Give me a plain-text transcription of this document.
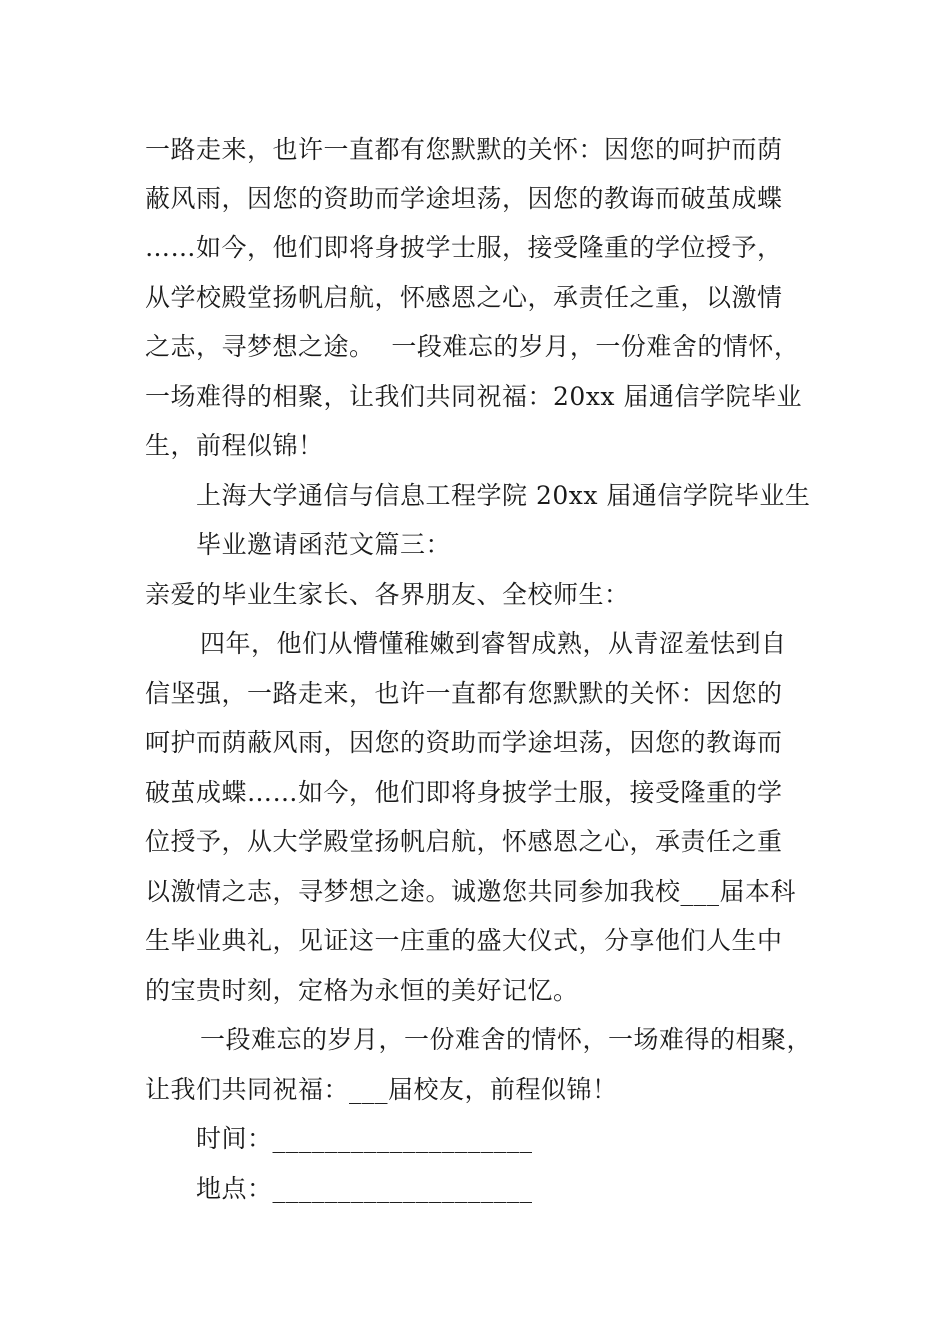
一路走来，也许一直都有您默默的关怀：因您的呵护而荫
蔽风雨，因您的资助而学途坦荡，因您的教诲而破茧成蝶
……如今，他们即将身披学士服，接受隆重的学位授予，
从学校殿堂扬帆启航，怀感恩之心，承责任之重，以激情
之志，寻梦想之途。  一段难忘的岁月，一份难舍的情怀，
一场难得的相聚，让我们共同祝福：20xx 届通信学院毕业
生，前程似锦！
上海大学通信与信息工程学院 20xx 届通信学院毕业生
毕业邀请函范文篇三：
亲爱的毕业生家长、各界朋友、全校师生：
四年，他们从懵懂稚嫩到睿智成熟，从青涩羞怯到自
信坚强，一路走来，也许一直都有您默默的关怀：因您的
呵护而荫蔽风雨，因您的资助而学途坦荡，因您的教诲而
破茧成蝶……如今，他们即将身披学士服，接受隆重的学
位授予，从大学殿堂扬帆启航，怀感恩之心，承责任之重
以激情之志，寻梦想之途。诚邀您共同参加我校___届本科
生毕业典礼，见证这一庄重的盛大仪式，分享他们人生中
的宝贵时刻，定格为永恒的美好记忆。
一段难忘的岁月，一份难舍的情怀，一场难得的相聚，
让我们共同祝福：___届校友，前程似锦！
时间：____________________
地点：____________________
